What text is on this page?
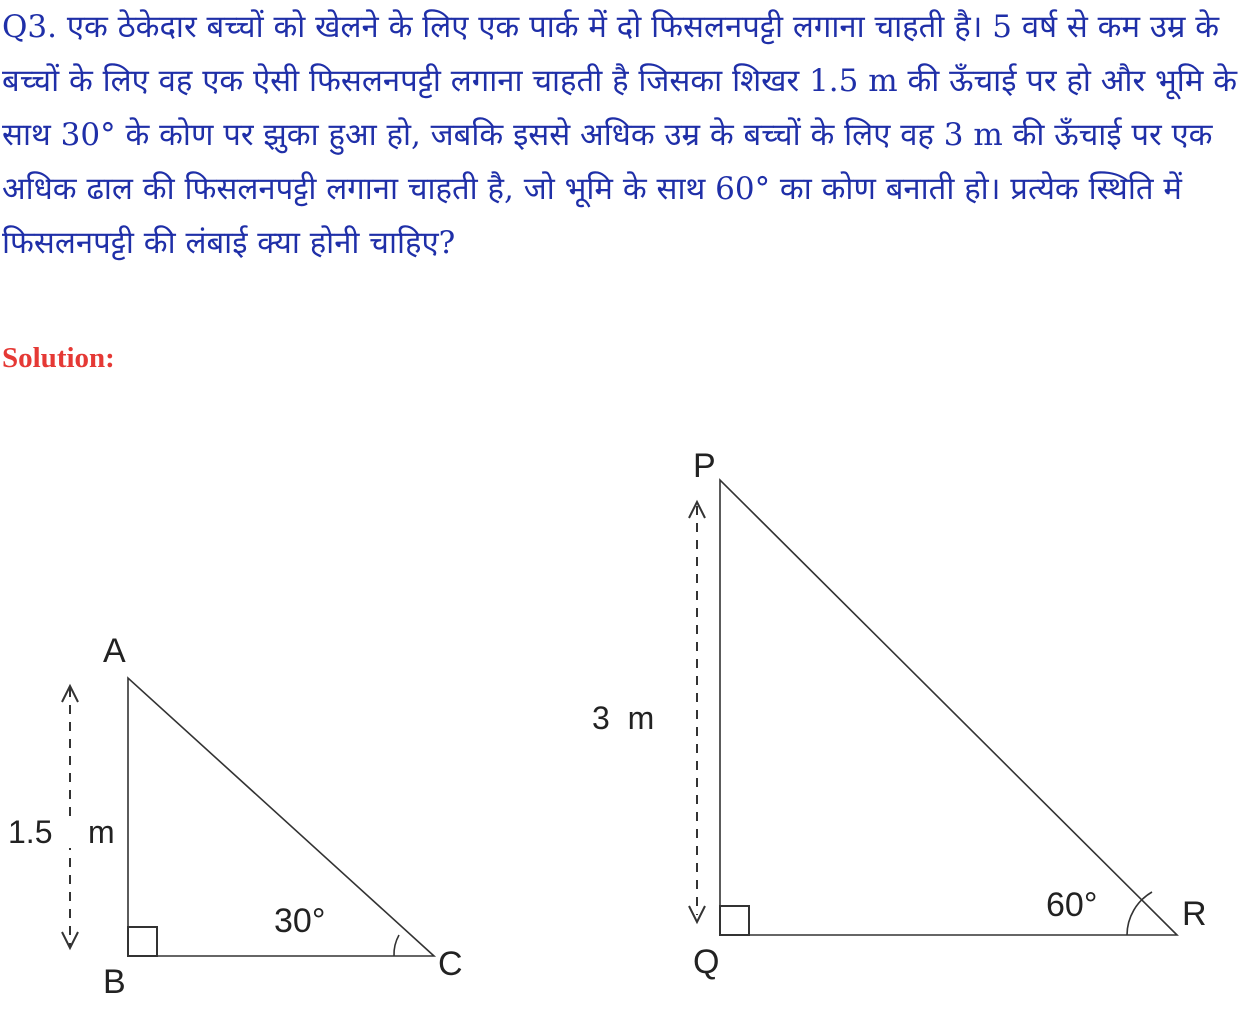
Q3. एक ठेकेदार बच्चों को खेलने के लिए एक पार्क में दो फिसलनपट्टी लगाना चाहती है। 5 वर्ष से कम उम्र के बच्चों के लिए वह एक ऐसी फिसलनपट्टी लगाना चाहती है जिसका शिखर 1.5 m की ऊँचाई पर हो और भूमि के साथ 30° के कोण पर झुका हुआ हो, जबकि इससे अधिक उम्र के बच्चों के लिए वह 3 m की ऊँचाई पर एक अधिक ढाल की फिसलनपट्टी लगाना चाहती है, जो भूमि के साथ 60° का कोण बनाती हो। प्रत्येक स्थिति में फिसलनपट्टी की लंबाई क्या होनी चाहिए?

Solution:

A
B	C
1.5 m
30°
P
Q
R
3  m
60°
